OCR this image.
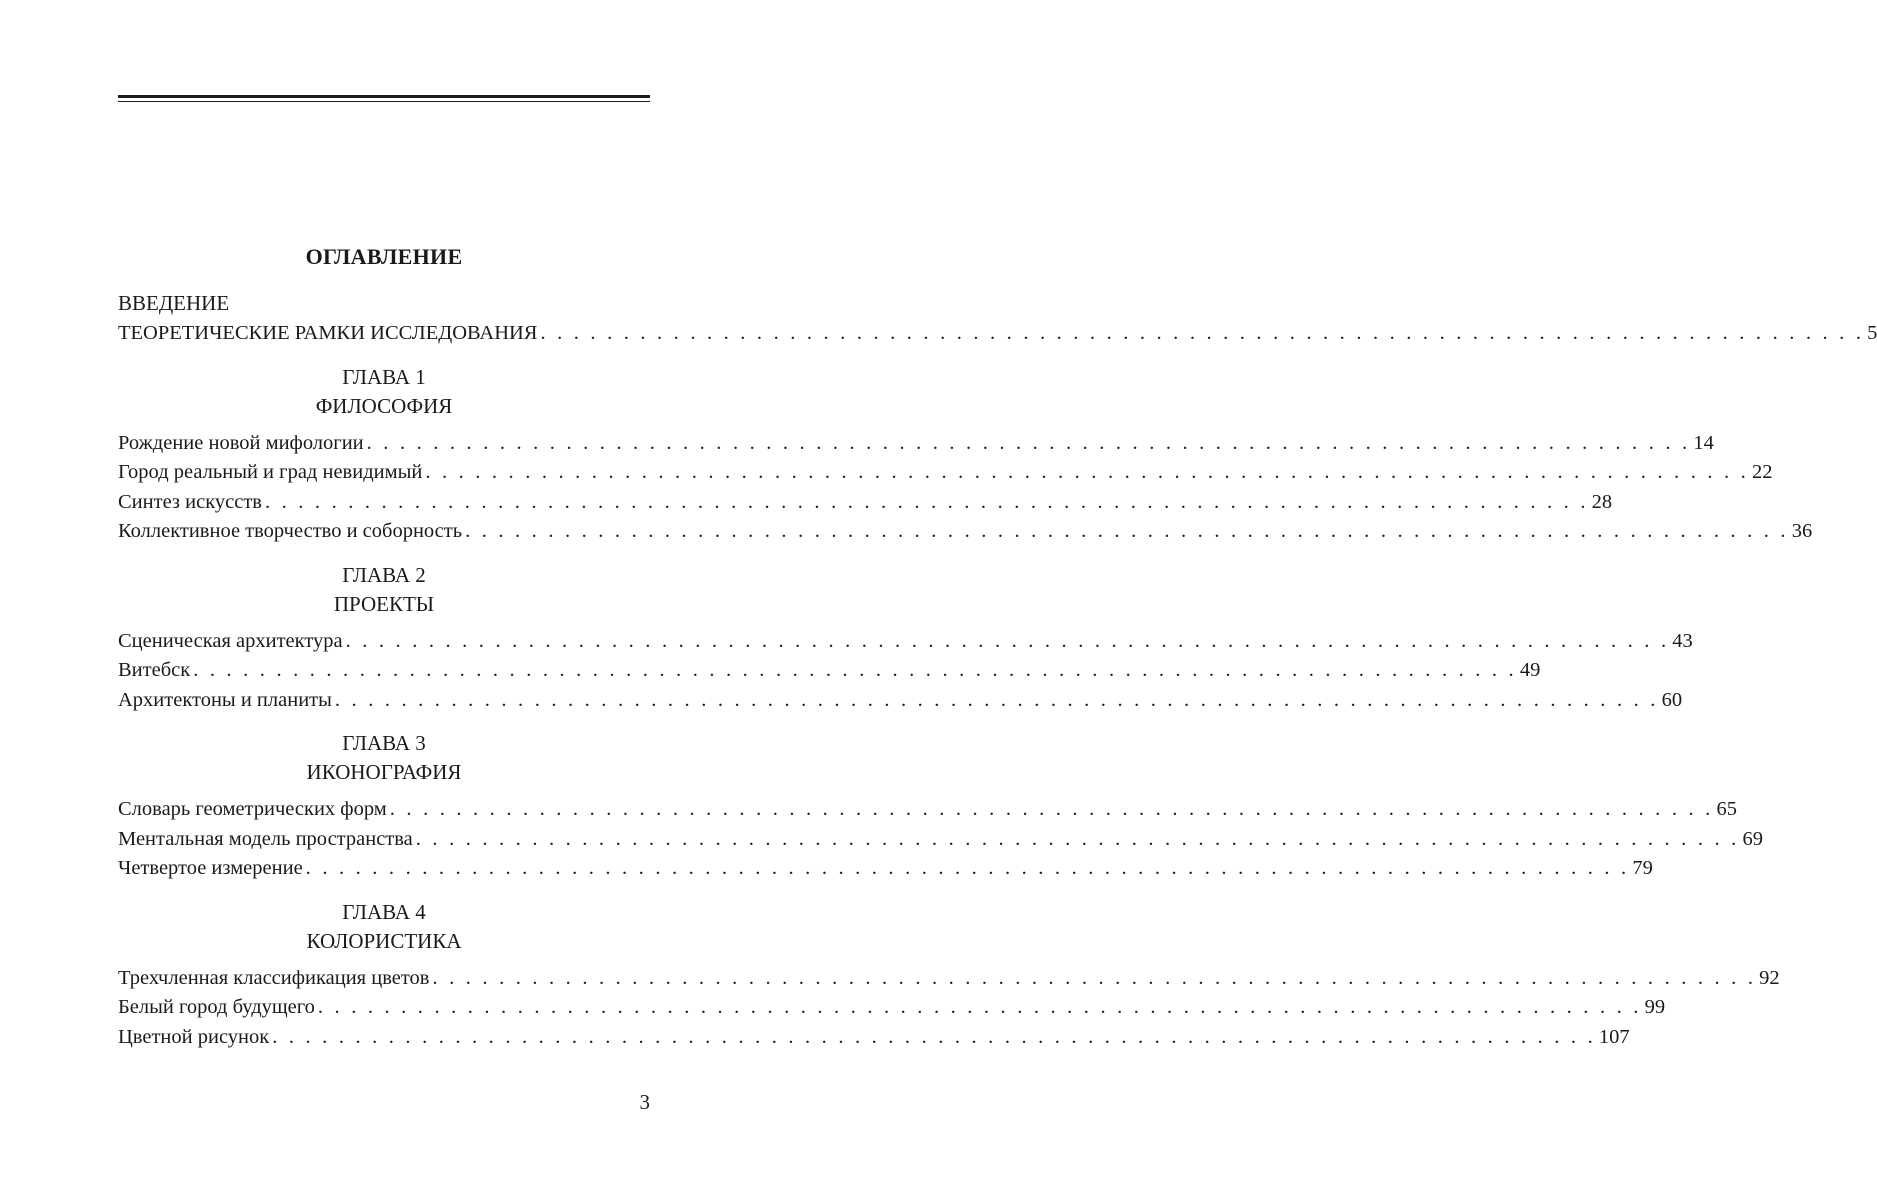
ОГЛАВЛЕНИЕ
ВВЕДЕНИЕ
ТЕОРЕТИЧЕСКИЕ РАМКИ ИССЛЕДОВАНИЯ . . . . . . . . . . . . . . . . . . . . . . . . . . . . . . . . . . . . . . . . . . . . . . . . . . . . . . . . . . . . . . . . . . . . . . . . . . . . . . . . 5
ГЛАВА 1
ФИЛОСОФИЯ
Рождение новой мифологии . . . . . . . . . . . . . . . . . . . . . . . . . . . . . . . . . . . . . . . . . . . . . . . . . . . . . . . . . . . . . . . . . . . . . . . . . . . . . . . . 14
Город реальный и град невидимый . . . . . . . . . . . . . . . . . . . . . . . . . . . . . . . . . . . . . . . . . . . . . . . . . . . . . . . . . . . . . . . . . . . . . . . . . . . . . . . . 22
Синтез искусств . . . . . . . . . . . . . . . . . . . . . . . . . . . . . . . . . . . . . . . . . . . . . . . . . . . . . . . . . . . . . . . . . . . . . . . . . . . . . . . . 28
Коллективное творчество и соборность . . . . . . . . . . . . . . . . . . . . . . . . . . . . . . . . . . . . . . . . . . . . . . . . . . . . . . . . . . . . . . . . . . . . . . . . . . . . . . . . 36
ГЛАВА 2
ПРОЕКТЫ
Сценическая архитектура . . . . . . . . . . . . . . . . . . . . . . . . . . . . . . . . . . . . . . . . . . . . . . . . . . . . . . . . . . . . . . . . . . . . . . . . . . . . . . . . 43
Витебск . . . . . . . . . . . . . . . . . . . . . . . . . . . . . . . . . . . . . . . . . . . . . . . . . . . . . . . . . . . . . . . . . . . . . . . . . . . . . . . . 49
Архитектоны и планиты . . . . . . . . . . . . . . . . . . . . . . . . . . . . . . . . . . . . . . . . . . . . . . . . . . . . . . . . . . . . . . . . . . . . . . . . . . . . . . . . 60
ГЛАВА 3
ИКОНОГРАФИЯ
Словарь геометрических форм . . . . . . . . . . . . . . . . . . . . . . . . . . . . . . . . . . . . . . . . . . . . . . . . . . . . . . . . . . . . . . . . . . . . . . . . . . . . . . . . 65
Ментальная модель пространства . . . . . . . . . . . . . . . . . . . . . . . . . . . . . . . . . . . . . . . . . . . . . . . . . . . . . . . . . . . . . . . . . . . . . . . . . . . . . . . . 69
Четвертое измерение . . . . . . . . . . . . . . . . . . . . . . . . . . . . . . . . . . . . . . . . . . . . . . . . . . . . . . . . . . . . . . . . . . . . . . . . . . . . . . . . 79
ГЛАВА 4
КОЛОРИСТИКА
Трехчленная классификация цветов . . . . . . . . . . . . . . . . . . . . . . . . . . . . . . . . . . . . . . . . . . . . . . . . . . . . . . . . . . . . . . . . . . . . . . . . . . . . . . . . 92
Белый город будущего . . . . . . . . . . . . . . . . . . . . . . . . . . . . . . . . . . . . . . . . . . . . . . . . . . . . . . . . . . . . . . . . . . . . . . . . . . . . . . . . 99
Цветной рисунок . . . . . . . . . . . . . . . . . . . . . . . . . . . . . . . . . . . . . . . . . . . . . . . . . . . . . . . . . . . . . . . . . . . . . . . . . . . . . . . . 107
3
